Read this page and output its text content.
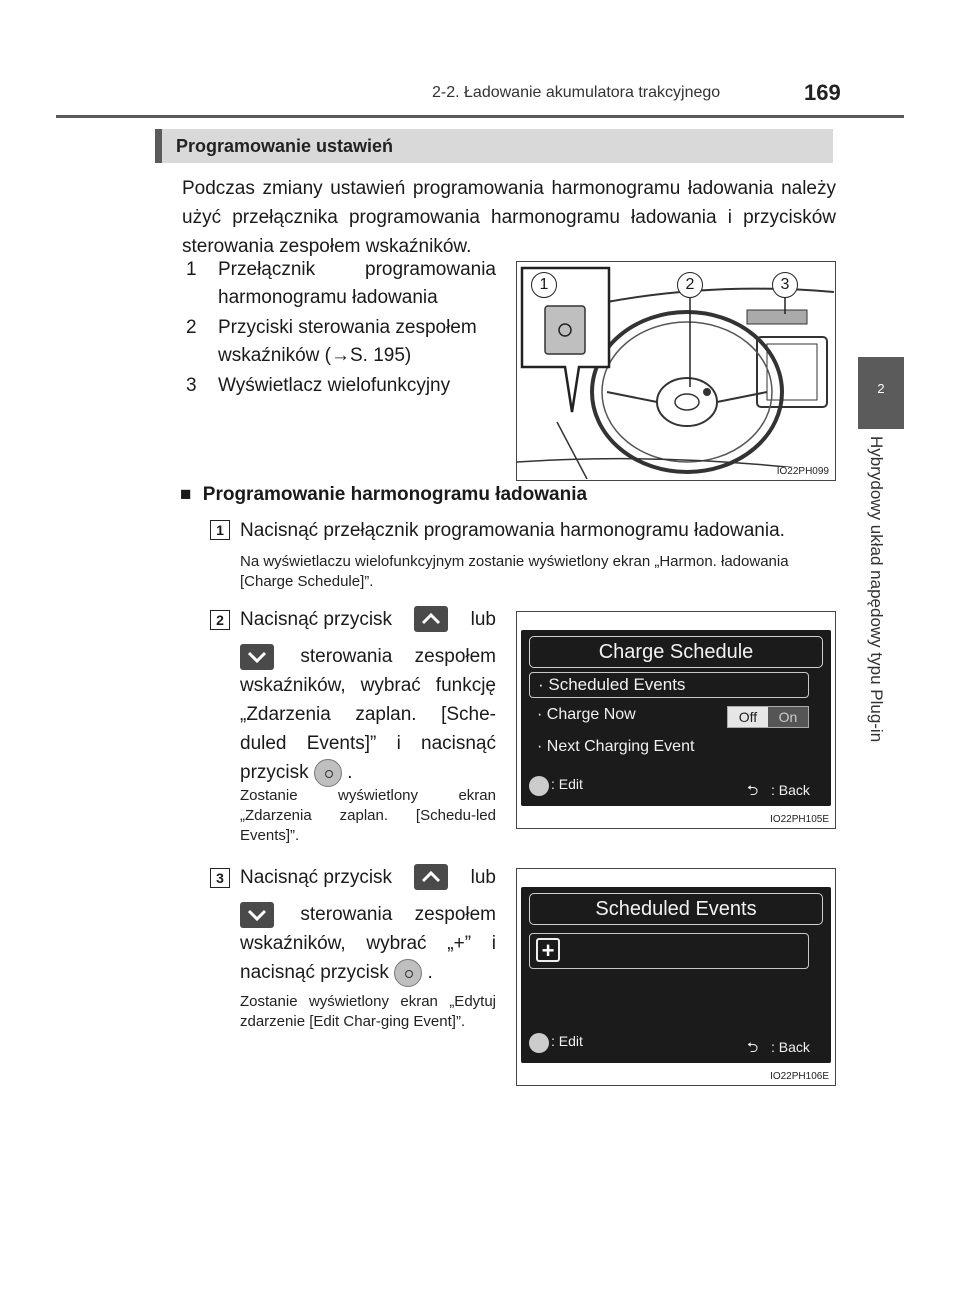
2-2. Ładowanie akumulatora trakcyjnego	169
2
Hybrydowy układ napędowy typu Plug-in
Programowanie ustawień

Podczas zmiany ustawień programowania harmonogramu ładowania należy użyć przełącznika programowania harmonogramu ładowania i przycisków sterowania zespołem wskaźników.

1 Przełącznik programowania harmonogramu ładowania
2 Przyciski sterowania zespołem wskaźników (→S. 195)
3 Wyświetlacz wielofunkcyjny
1	2	3
IO22PH099
■ Programowanie harmonogramu ładowania
1 Nacisnąć przełącznik programowania harmonogramu ładowania.
Na wyświetlaczu wielofunkcyjnym zostanie wyświetlony ekran „Harmon. ładowania [Charge Schedule]”.
2 Nacisnąć przycisk	lub
sterowania zespołem wskaźników, wybrać funkcję „Zdarzenia zaplan. [Sche-duled Events]” i nacisnąć przycisk .
Zostanie wyświetlony ekran „Zdarzenia zaplan. [Schedu-led Events]”.
Charge Schedule
· Scheduled Events
· Charge Now	Off	On
· Next Charging Event
: Edit	⮌ : Back
IO22PH105E
3 Nacisnąć przycisk	lub
sterowania zespołem wskaźników, wybrać „+” i nacisnąć przycisk .
Zostanie wyświetlony ekran „Edytuj zdarzenie [Edit Char-ging Event]”.
Scheduled Events
+
: Edit	⮌ : Back
IO22PH106E
